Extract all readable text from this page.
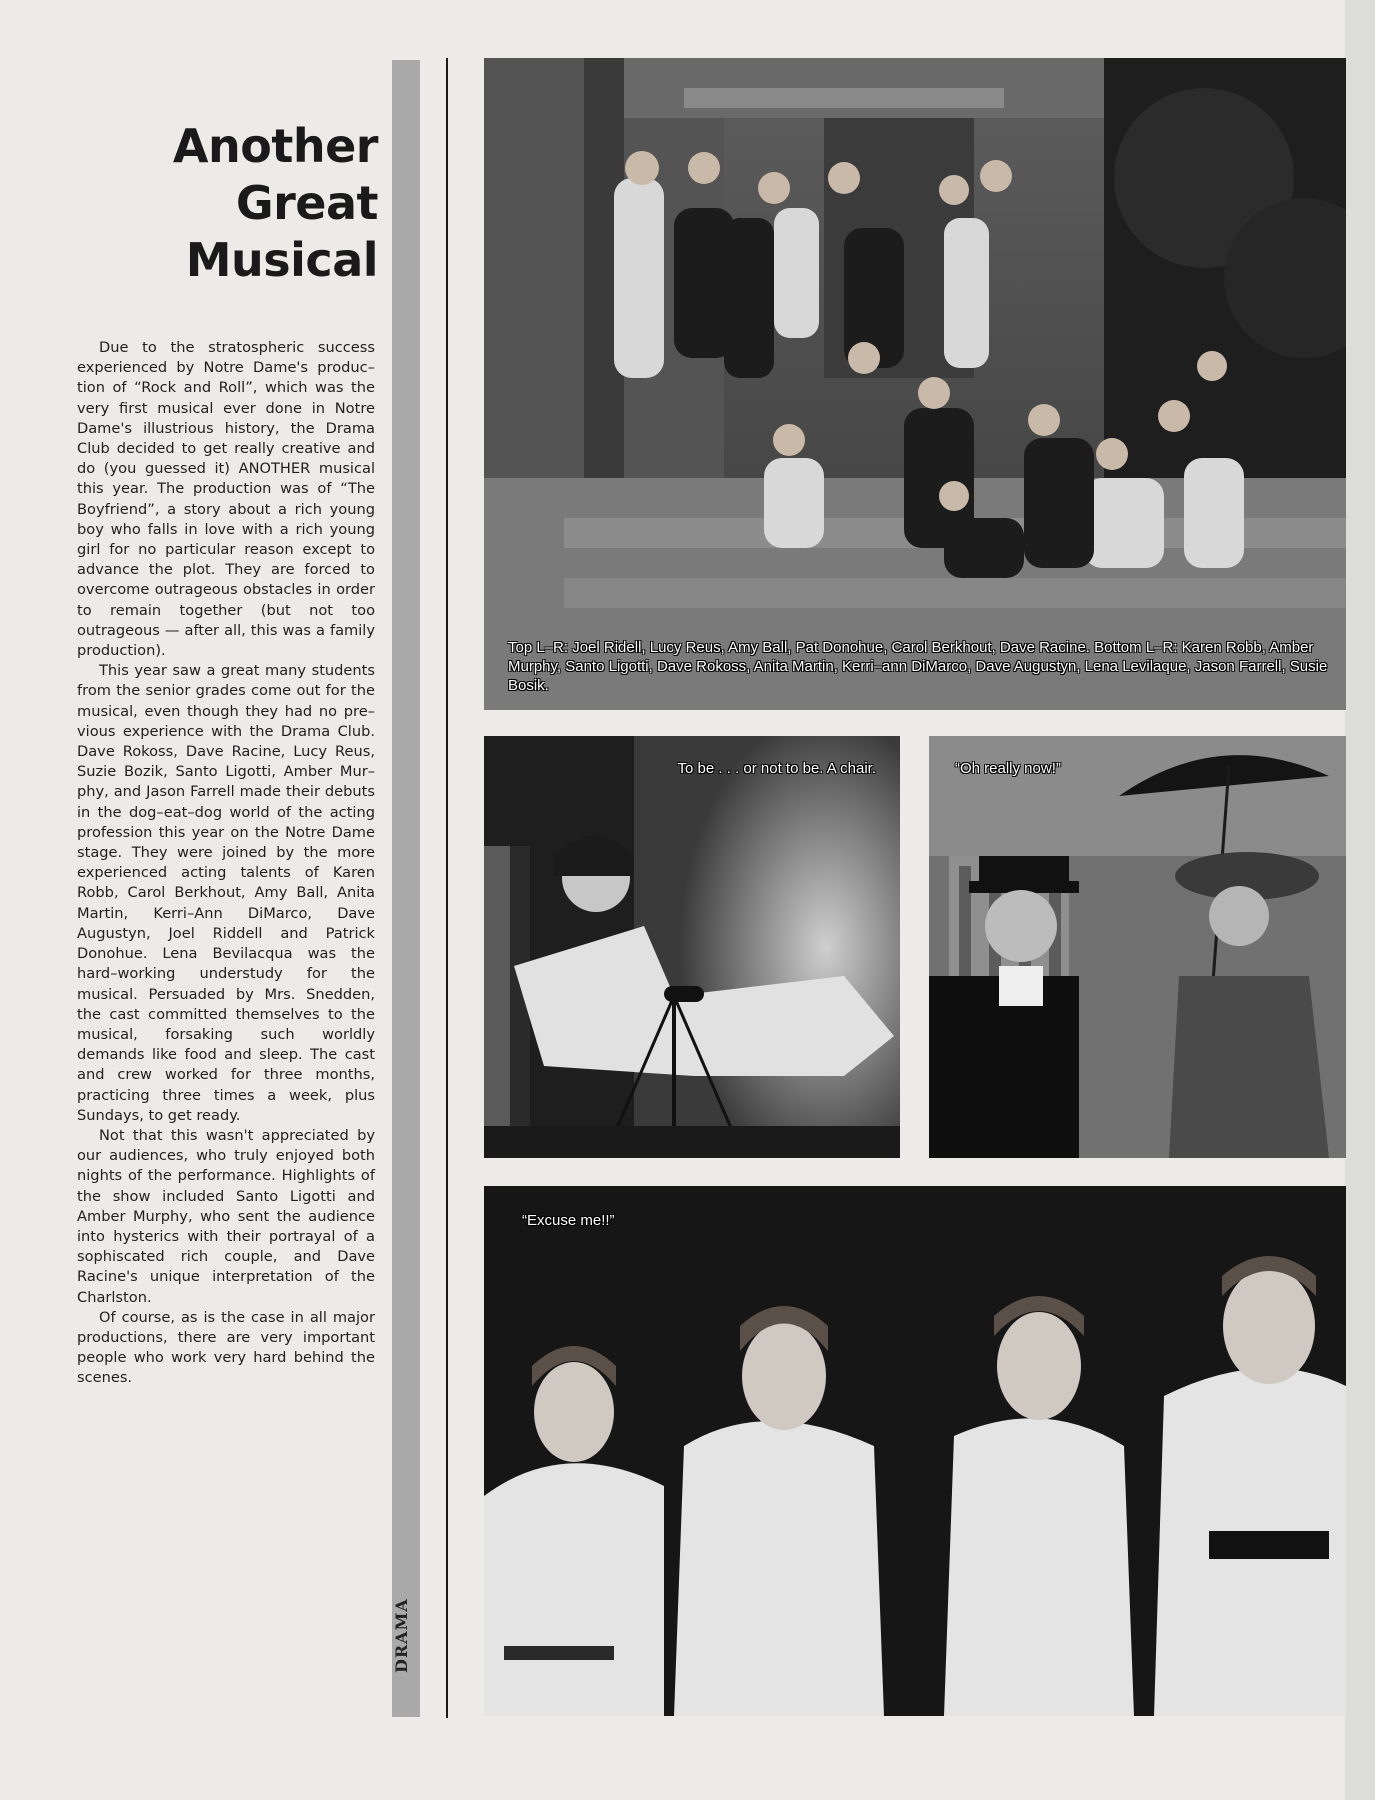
Another
Great
Musical

Due to the stratospheric success experienced by Notre Dame's produc– tion of “Rock and Roll”, which was the very first musical ever done in Notre Dame's illustrious history, the Drama Club decided to get really creative and do (you guessed it) ANOTHER musical this year. The production was of “The Boyfriend”, a story about a rich young boy who falls in love with a rich young girl for no particular reason except to advance the plot. They are forced to overcome outrageous obstacles in order to remain together (but not too outrageous — after all, this was a family production).

This year saw a great many students from the senior grades come out for the musical, even though they had no pre– vious experience with the Drama Club. Dave Rokoss, Dave Racine, Lucy Reus, Suzie Bozik, Santo Ligotti, Amber Mur– phy, and Jason Farrell made their debuts in the dog–eat–dog world of the acting profession this year on the Notre Dame stage. They were joined by the more experienced acting talents of Karen Robb, Carol Berkhout, Amy Ball, Anita Martin, Kerri–Ann DiMarco, Dave Augustyn, Joel Riddell and Patrick Donohue. Lena Bevilacqua was the hard–working understudy for the musical. Persuaded by Mrs. Snedden, the cast committed themselves to the musical, forsaking such worldly demands like food and sleep. The cast and crew worked for three months, practicing three times a week, plus Sundays, to get ready.

Not that this wasn't appreciated by our audiences, who truly enjoyed both nights of the performance. Highlights of the show included Santo Ligotti and Amber Murphy, who sent the audience into hysterics with their portrayal of a sophiscated rich couple, and Dave Racine's unique interpretation of the Charlston.

Of course, as is the case in all major productions, there are very important people who work very hard behind the scenes.

DRAMA
Top L–R: Joel Ridell, Lucy Reus, Amy Ball, Pat Donohue, Carol Berkhout, Dave Racine. Bottom L–R: Karen Robb, Amber Murphy, Santo Ligotti, Dave Rokoss, Anita Martin, Kerri–ann DiMarco, Dave Augustyn, Lena Levilaque, Jason Farrell, Susie Bosik.
To be . . . or not to be. A chair.	“Oh really now!”
“Excuse me!!”
